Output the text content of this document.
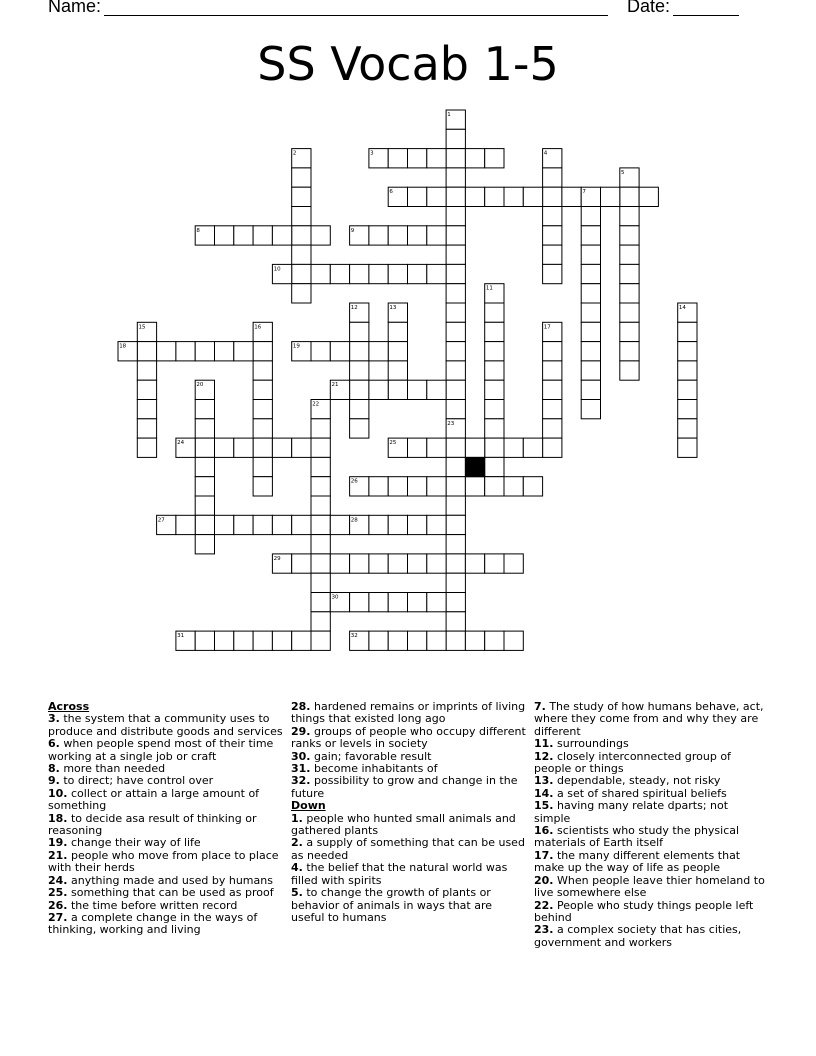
Name:	Date:
SS Vocab 1-5
1
2	3	4
5
6	7
8	9
10
11
12	13	14
15	16	17
18	19
20	21
22
23
24	25
26
27	28
29
30
31	32
Across
3. the system that a community uses to produce and distribute goods and services
6. when people spend most of their time working at a single job or craft
8. more than needed
9. to direct; have control over
10. collect or attain a large amount of something
18. to decide asa result of thinking or reasoning
19. change their way of life
21. people who move from place to place with their herds
24. anything made and used by humans
25. something that can be used as proof
26. the time before written record
27. a complete change in the ways of thinking, working and living
28. hardened remains or imprints of living things that existed long ago
29. groups of people who occupy different ranks or levels in society
30. gain; favorable result
31. become inhabitants of
32. possibility to grow and change in the future
Down
1. people who hunted small animals and gathered plants
2. a supply of something that can be used as needed
4. the belief that the natural world was filled with spirits
5. to change the growth of plants or behavior of animals in ways that are useful to humans
7. The study of how humans behave, act, where they come from and why they are different
11. surroundings
12. closely interconnected group of people or things
13. dependable, steady, not risky
14. a set of shared spiritual beliefs
15. having many relate dparts; not simple
16. scientists who study the physical materials of Earth itself
17. the many different elements that make up the way of life as people
20. When people leave thier homeland to live somewhere else
22. People who study things people left behind
23. a complex society that has cities, government and workers
